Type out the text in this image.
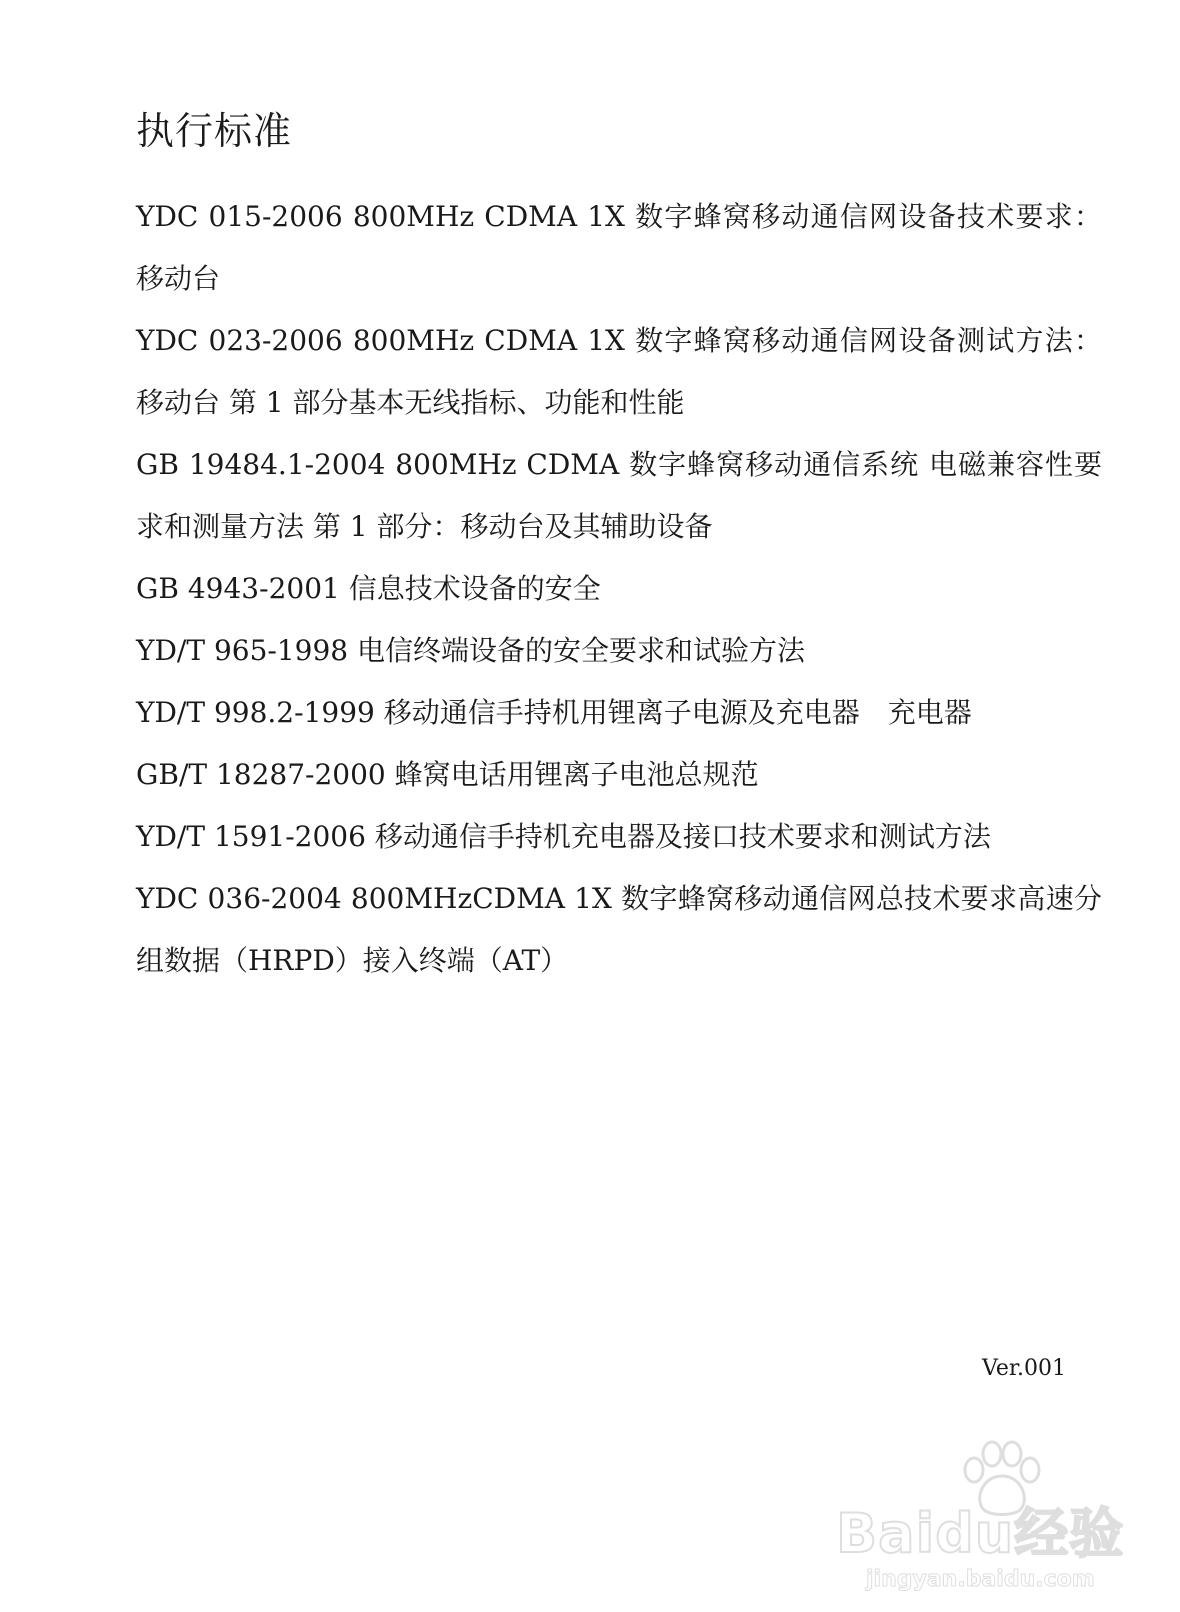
执行标准
YDC 015-2006 800MHz CDMA 1X 数字蜂窝移动通信网设备技术要求：移动台
YDC 023-2006 800MHz CDMA 1X 数字蜂窝移动通信网设备测试方法：移动台 第 1 部分基本无线指标、功能和性能
GB 19484.1-2004 800MHz CDMA 数字蜂窝移动通信系统 电磁兼容性要求和测量方法 第 1 部分：移动台及其辅助设备
GB 4943-2001 信息技术设备的安全
YD/T 965-1998 电信终端设备的安全要求和试验方法
YD/T 998.2-1999 移动通信手持机用锂离子电源及充电器　充电器
GB/T 18287-2000 蜂窝电话用锂离子电池总规范
YD/T 1591-2006 移动通信手持机充电器及接口技术要求和测试方法
YDC 036-2004 800MHzCDMA 1X 数字蜂窝移动通信网总技术要求高速分组数据（HRPD）接入终端（AT）
Ver.001
Baidu经验
jingyan.baidu.com
